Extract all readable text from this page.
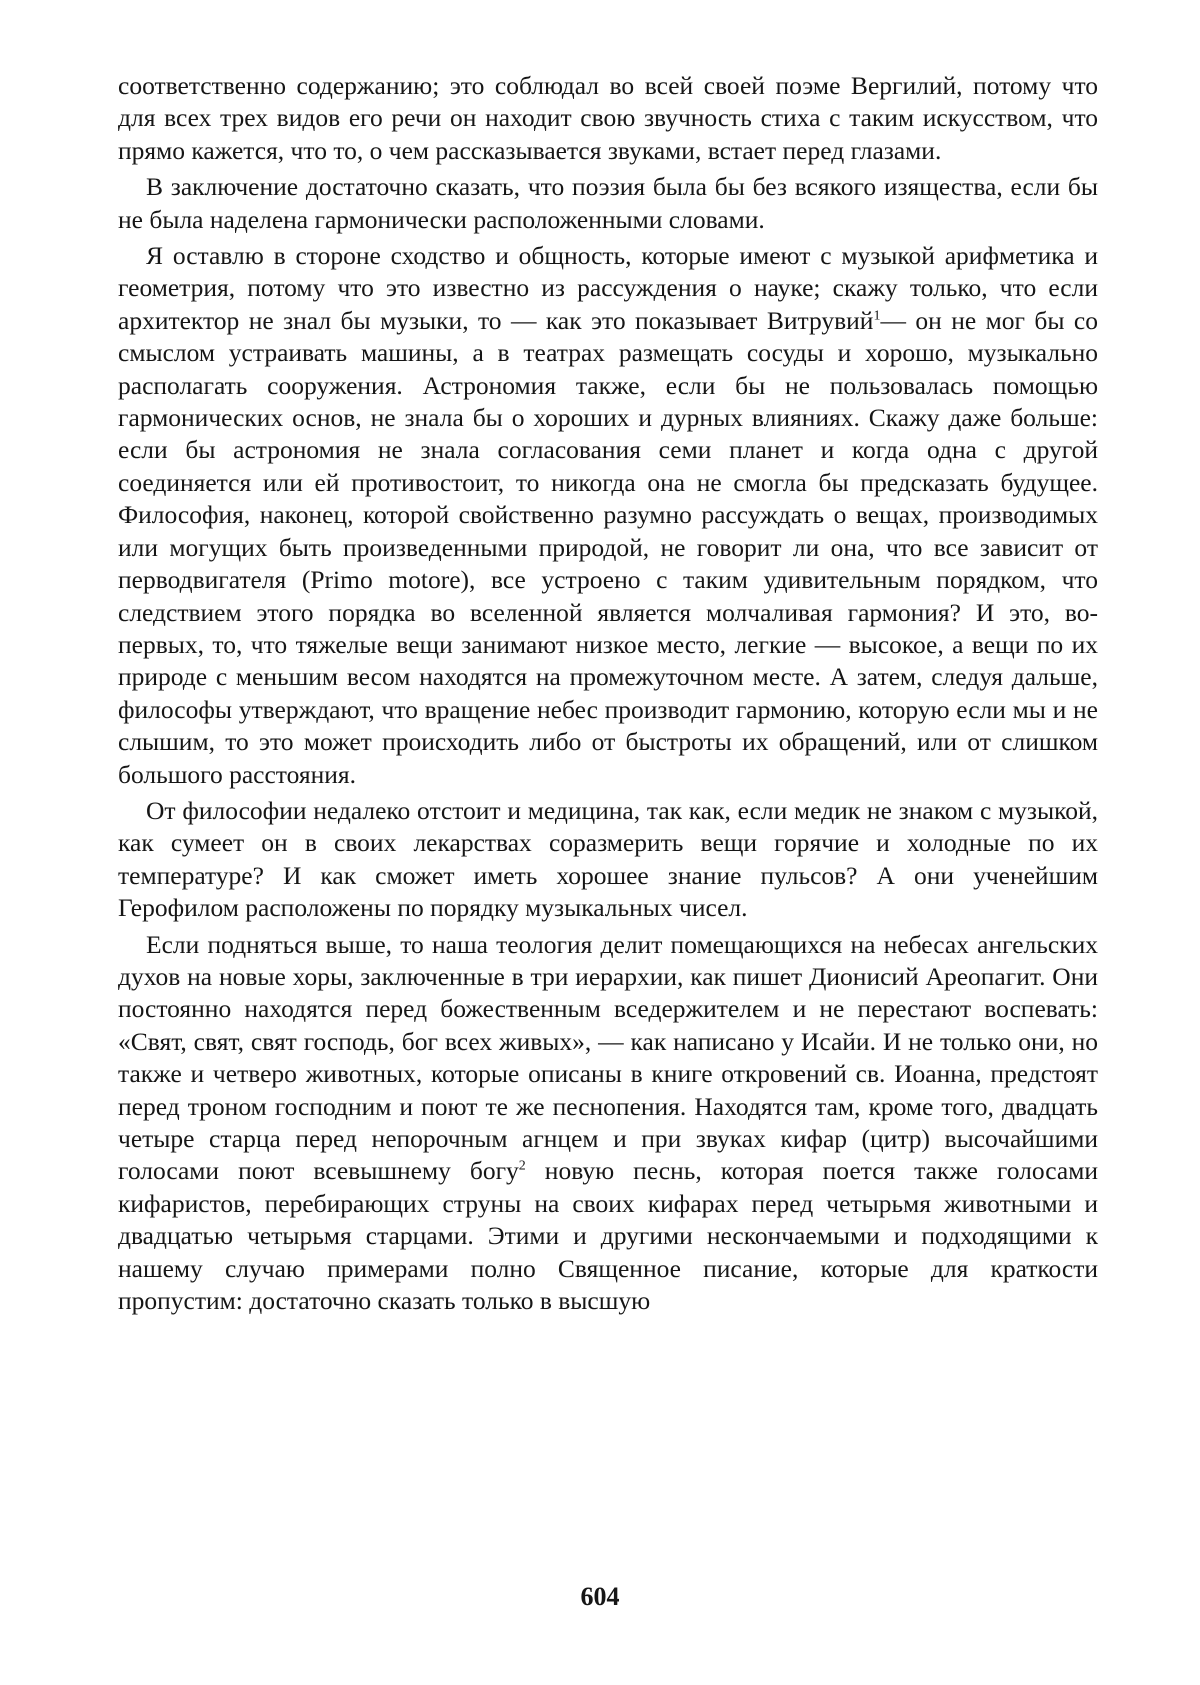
соответственно содержанию; это соблюдал во всей своей поэме Вергилий, потому что для всех трех видов его речи он находит свою звучность стиха с таким искусством, что прямо кажется, что то, о чем рассказывается звуками, встает перед глазами.

В заключение достаточно сказать, что поэзия была бы без всякого изящества, если бы не была наделена гармонически расположенными словами.

Я оставлю в стороне сходство и общность, которые имеют с музыкой арифметика и геометрия, потому что это известно из рассуждения о науке; скажу только, что если архитектор не знал бы музыки, то — как это показывает Витрувий$^1$— он не мог бы со смыслом устраивать машины, а в театрах размещать сосуды и хорошо, музыкально располагать сооружения. Астрономия также, если бы не пользовалась помощью гармонических основ, не знала бы о хороших и дурных влияниях. Скажу даже больше: если бы астрономия не знала согласования семи планет и когда одна с другой соединяется или ей противостоит, то никогда она не смогла бы предсказать будущее. Философия, наконец, которой свойственно разумно рассуждать о вещах, производимых или могущих быть произведенными природой, не говорит ли она, что все зависит от перводвигателя (Primo motore), все устроено с таким удивительным порядком, что следствием этого порядка во вселенной является молчаливая гармония? И это, во-первых, то, что тяжелые вещи занимают низкое место, легкие — высокое, а вещи по их природе с меньшим весом находятся на промежуточном месте. А затем, следуя дальше, философы утверждают, что вращение небес производит гармонию, которую если мы и не слышим, то это может происходить либо от быстроты их обращений, или от слишком большого расстояния.

От философии недалеко отстоит и медицина, так как, если медик не знаком с музыкой, как сумеет он в своих лекарствах соразмерить вещи горячие и холодные по их температуре? И как сможет иметь хорошее знание пульсов? А они ученейшим Герофилом расположены по порядку музыкальных чисел.

Если подняться выше, то наша теология делит помещающихся на небесах ангельских духов на новые хоры, заключенные в три иерархии, как пишет Дионисий Ареопагит. Они постоянно находятся перед божественным вседержителем и не перестают воспевать: «Свят, свят, свят господь, бог всех живых», — как написано у Исайи. И не только они, но также и четверо животных, которые описаны в книге откровений св. Иоанна, предстоят перед троном господним и поют те же песнопения. Находятся там, кроме того, двадцать четыре старца перед непорочным агнцем и при звуках кифар (цитр) высочайшими голосами поют всевышнему богу$^2$ новую песнь, которая поется также голосами кифаристов, перебирающих струны на своих кифарах перед четырьмя животными и двадцатью четырьмя старцами. Этими и другими нескончаемыми и подходящими к нашему случаю примерами полно Священное писание, которые для краткости пропустим: достаточно сказать только в высшую

604
